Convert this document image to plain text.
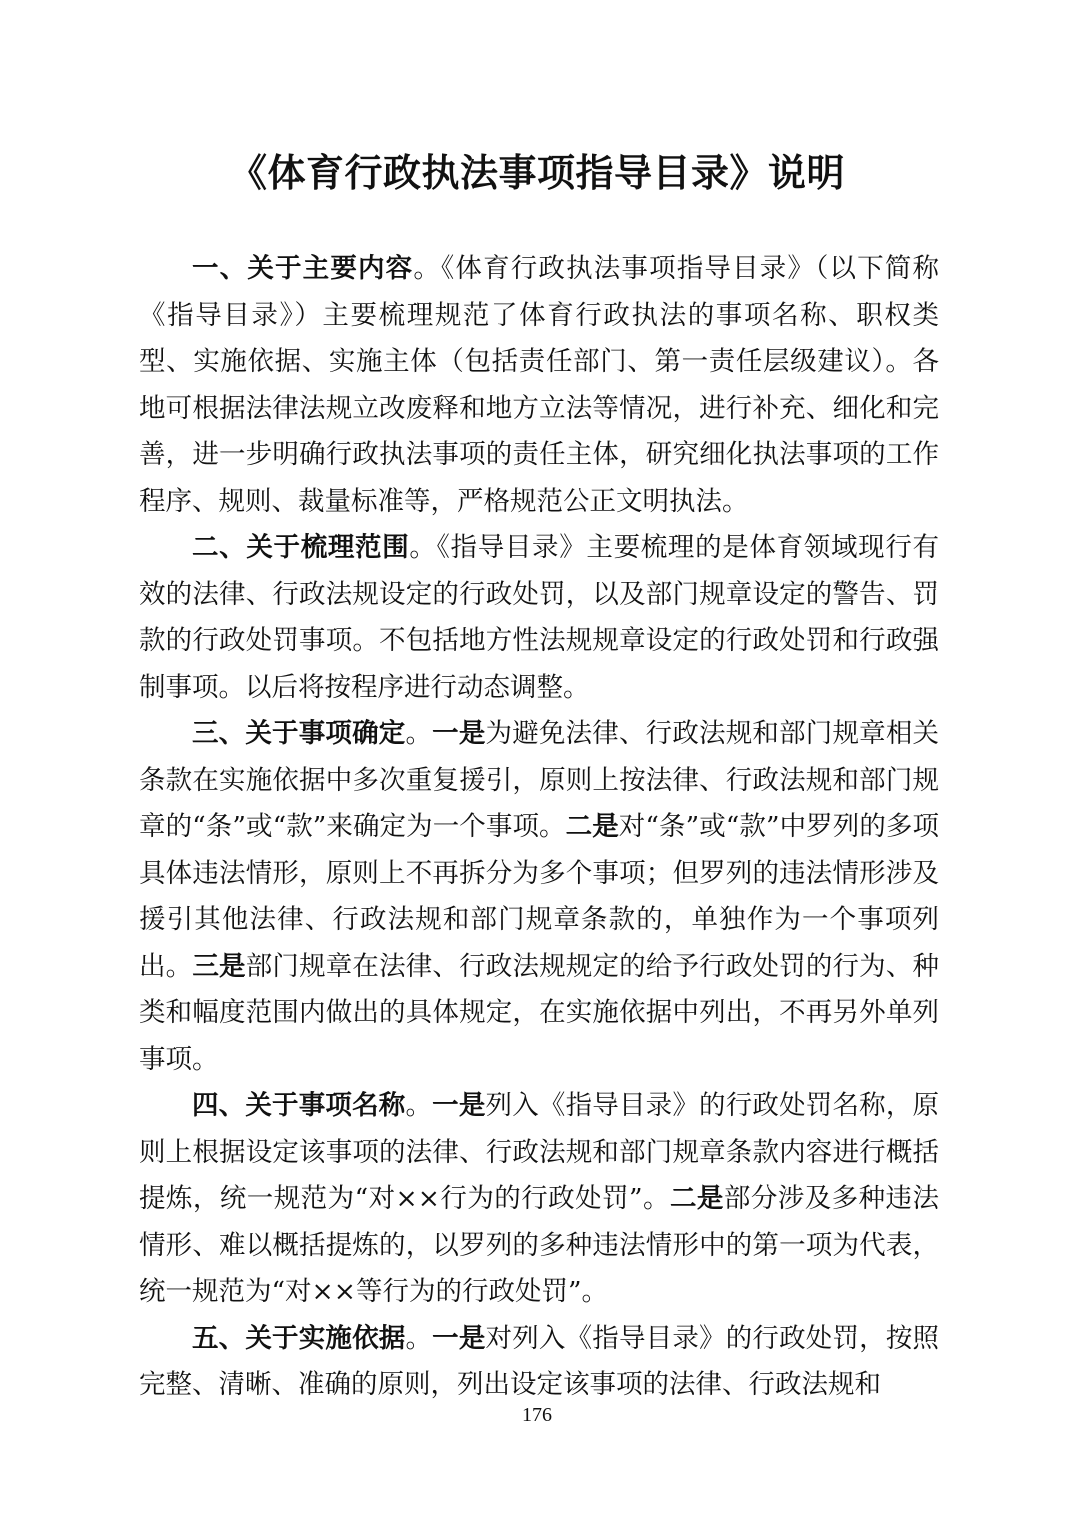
《体育行政执法事项指导目录》说明

一、关于主要内容。《体育行政执法事项指导目录》（以下简称《指导目录》）主要梳理规范了体育行政执法的事项名称、职权类型、实施依据、实施主体（包括责任部门、第一责任层级建议）。各地可根据法律法规立改废释和地方立法等情况，进行补充、细化和完善，进一步明确行政执法事项的责任主体，研究细化执法事项的工作程序、规则、裁量标准等，严格规范公正文明执法。

二、关于梳理范围。《指导目录》主要梳理的是体育领域现行有效的法律、行政法规设定的行政处罚，以及部门规章设定的警告、罚款的行政处罚事项。不包括地方性法规规章设定的行政处罚和行政强制事项。以后将按程序进行动态调整。

三、关于事项确定。一是为避免法律、行政法规和部门规章相关条款在实施依据中多次重复援引，原则上按法律、行政法规和部门规章的“条”或“款”来确定为一个事项。二是对“条”或“款”中罗列的多项具体违法情形，原则上不再拆分为多个事项；但罗列的违法情形涉及援引其他法律、行政法规和部门规章条款的，单独作为一个事项列出。三是部门规章在法律、行政法规规定的给予行政处罚的行为、种类和幅度范围内做出的具体规定，在实施依据中列出，不再另外单列事项。

四、关于事项名称。一是列入《指导目录》的行政处罚名称，原则上根据设定该事项的法律、行政法规和部门规章条款内容进行概括提炼，统一规范为“对××行为的行政处罚”。二是部分涉及多种违法情形、难以概括提炼的，以罗列的多种违法情形中的第一项为代表，统一规范为“对××等行为的行政处罚”。

五、关于实施依据。一是对列入《指导目录》的行政处罚，按照完整、清晰、准确的原则，列出设定该事项的法律、行政法规和

176
